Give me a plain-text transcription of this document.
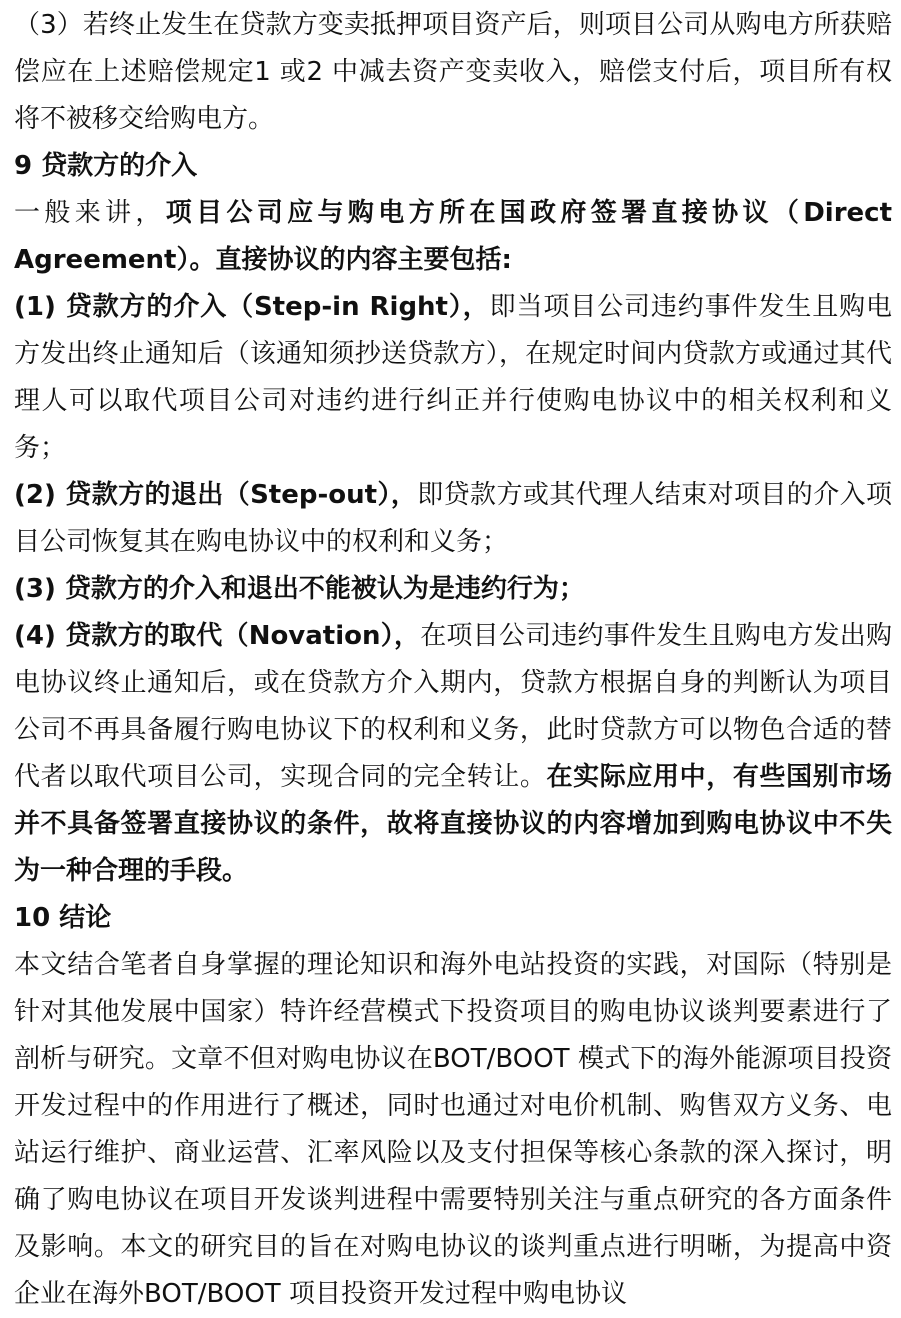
（3）若终止发生在贷款方变卖抵押项目资产后，则项目公司从购电方所获赔偿应在上述赔偿规定1 或2 中减去资产变卖收入，赔偿支付后，项目所有权将不被移交给购电方。

9 贷款方的介入

一般来讲，项目公司应与购电方所在国政府签署直接协议（Direct Agreement）。直接协议的内容主要包括:

(1) 贷款方的介入（Step-in Right），即当项目公司违约事件发生且购电方发出终止通知后（该通知须抄送贷款方），在规定时间内贷款方或通过其代理人可以取代项目公司对违约进行纠正并行使购电协议中的相关权利和义务；

(2) 贷款方的退出（Step-out），即贷款方或其代理人结束对项目的介入项目公司恢复其在购电协议中的权利和义务；

(3) 贷款方的介入和退出不能被认为是违约行为；

(4) 贷款方的取代（Novation），在项目公司违约事件发生且购电方发出购电协议终止通知后，或在贷款方介入期内，贷款方根据自身的判断认为项目公司不再具备履行购电协议下的权利和义务，此时贷款方可以物色合适的替代者以取代项目公司，实现合同的完全转让。在实际应用中，有些国别市场并不具备签署直接协议的条件，故将直接协议的内容增加到购电协议中不失为一种合理的手段。

10 结论

本文结合笔者自身掌握的理论知识和海外电站投资的实践，对国际（特别是针对其他发展中国家）特许经营模式下投资项目的购电协议谈判要素进行了剖析与研究。文章不但对购电协议在BOT/BOOT 模式下的海外能源项目投资开发过程中的作用进行了概述，同时也通过对电价机制、购售双方义务、电站运行维护、商业运营、汇率风险以及支付担保等核心条款的深入探讨，明确了购电协议在项目开发谈判进程中需要特别关注与重点研究的各方面条件及影响。本文的研究目的旨在对购电协议的谈判重点进行明晰，为提高中资企业在海外BOT/BOOT 项目投资开发过程中购电协议
